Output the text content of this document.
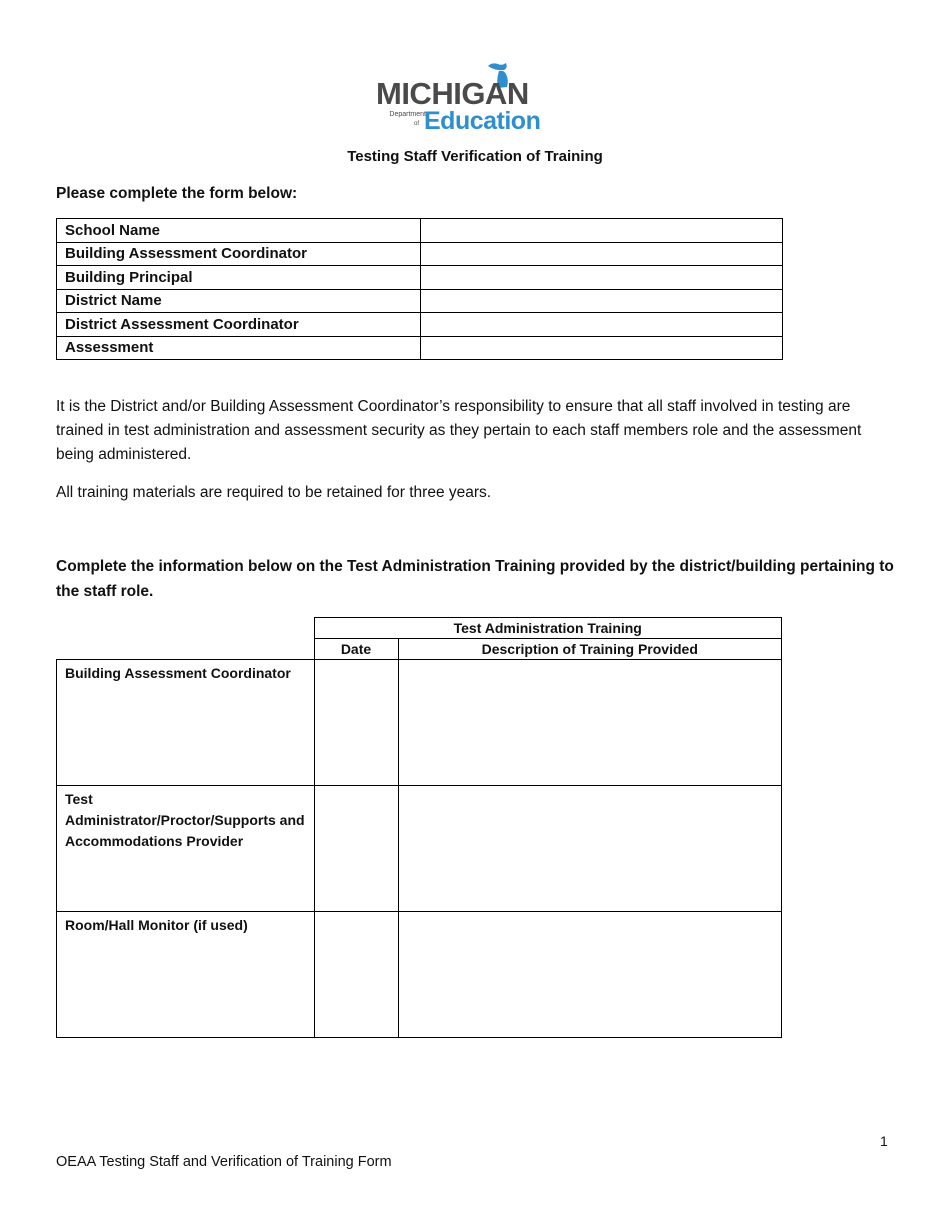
MICHIGAN
Department
of Education
Testing Staff Verification of Training
Please complete the form below:
School Name	
Building Assessment Coordinator	
Building Principal	
District Name	
District Assessment Coordinator	
Assessment	
It is the District and/or Building Assessment Coordinator’s responsibility to ensure that all staff involved in testing are trained in test administration and assessment security as they pertain to each staff members role and the assessment being administered.
All training materials are required to be retained for three years.
Complete the information below on the Test Administration Training provided by the district/building pertaining to the staff role.
	Test Administration Training	
	Date	Description of Training Provided
Building Assessment Coordinator		
Test Administrator/Proctor/Supports and Accommodations Provider		
Room/Hall Monitor (if used)		
1
OEAA Testing Staff and Verification of Training Form
